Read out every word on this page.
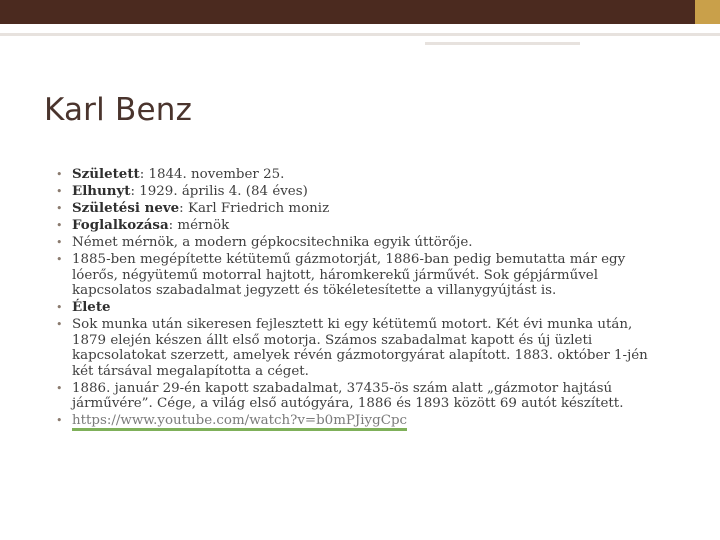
Karl Benz
• Született: 1844. november 25.
• Elhunyt: 1929. április 4. (84 éves)
• Születési neve: Karl Friedrich moniz
• Foglalkozása: mérnök
• Német mérnök, a modern gépkocsitechnika egyik úttörője.
• 1885-ben megépítette kétütemű gázmotorját, 1886-ban pedig bemutatta már egy lóerős, négyütemű motorral hajtott, háromkerekű járművét. Sok gépjárművel kapcsolatos szabadalmat jegyzett és tökéletesítette a villanygyújtást is.
• Élete
• Sok munka után sikeresen fejlesztett ki egy kétütemű motort. Két évi munka után, 1879 elején készen állt első motorja. Számos szabadalmat kapott és új üzleti kapcsolatokat szerzett, amelyek révén gázmotorgyárat alapított. 1883. október 1-jén két társával megalapította a céget.
• 1886. január 29-én kapott szabadalmat, 37435-ös szám alatt „gázmotor hajtású járművére”. Cége, a világ első autógyára, 1886 és 1893 között 69 autót készített.
• https://www.youtube.com/watch?v=b0mPJiygCpc
